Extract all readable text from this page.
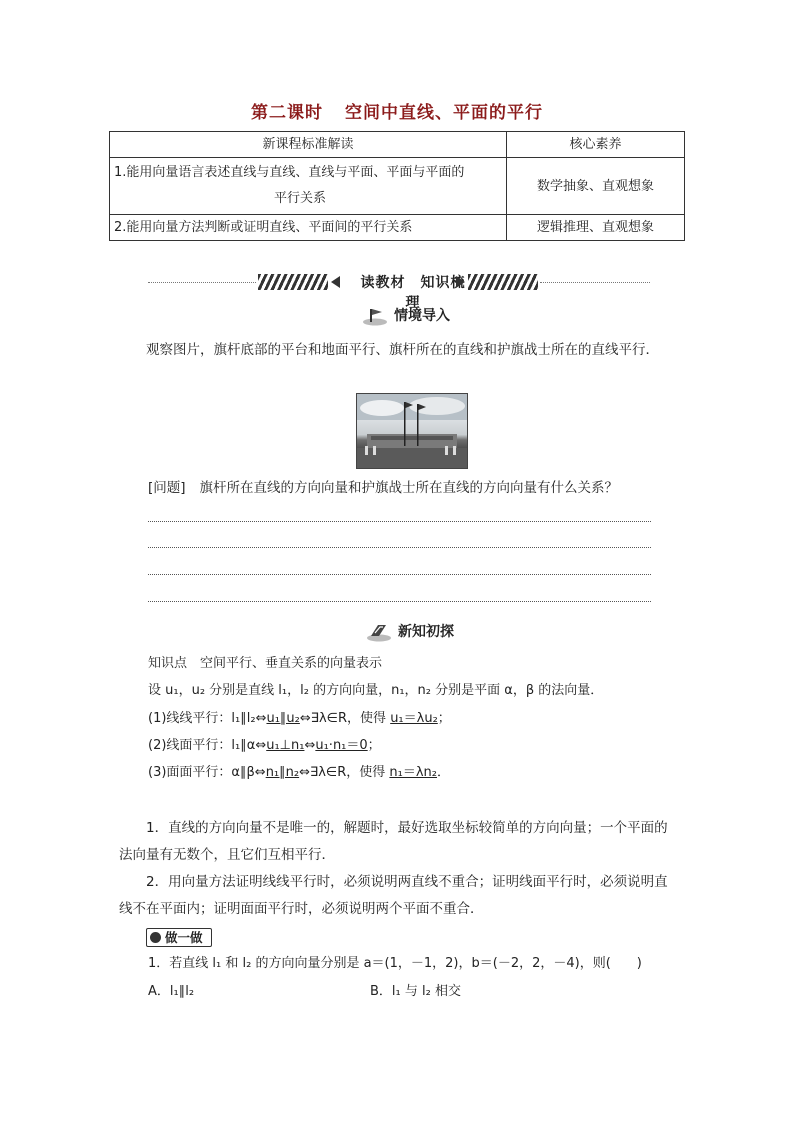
第二课时 空间中直线、平面的平行
新课程标准解读	核心素养

1.能用向量语言表述直线与直线、直线与平面、平面与平面的
平行关系	数学抽象、直观想象
2.能用向量方法判断或证明直线、平面间的平行关系	逻辑推理、直观想象
读教材　知识梳理
情境导入
观察图片，旗杆底部的平台和地面平行、旗杆所在的直线和护旗战士所在的直线平行．
[问题] 旗杆所在直线的方向向量和护旗战士所在直线的方向向量有什么关系？
新知初探
知识点　空间平行、垂直关系的向量表示
设 u₁，u₂ 分别是直线 l₁，l₂ 的方向向量，n₁，n₂ 分别是平面 α，β 的法向量．
(1)线线平行：l₁∥l₂⇔u₁∥u₂⇔∃λ∈R，使得 u₁＝λu₂；
(2)线面平行：l₁∥α⇔u₁⊥n₁⇔u₁·n₁＝0；
(3)面面平行：α∥β⇔n₁∥n₂⇔∃λ∈R，使得 n₁＝λn₂．
1．直线的方向向量不是唯一的，解题时，最好选取坐标较简单的方向向量；一个平面的法向量有无数个，且它们互相平行．
2．用向量方法证明线线平行时，必须说明两直线不重合；证明线面平行时，必须说明直线不在平面内；证明面面平行时，必须说明两个平面不重合．
做一做
1．若直线 l₁ 和 l₂ 的方向向量分别是 a＝(1，－1，2)，b＝(－2，2，－4)，则(　　)
A．l₁∥l₂	B．l₁ 与 l₂ 相交
